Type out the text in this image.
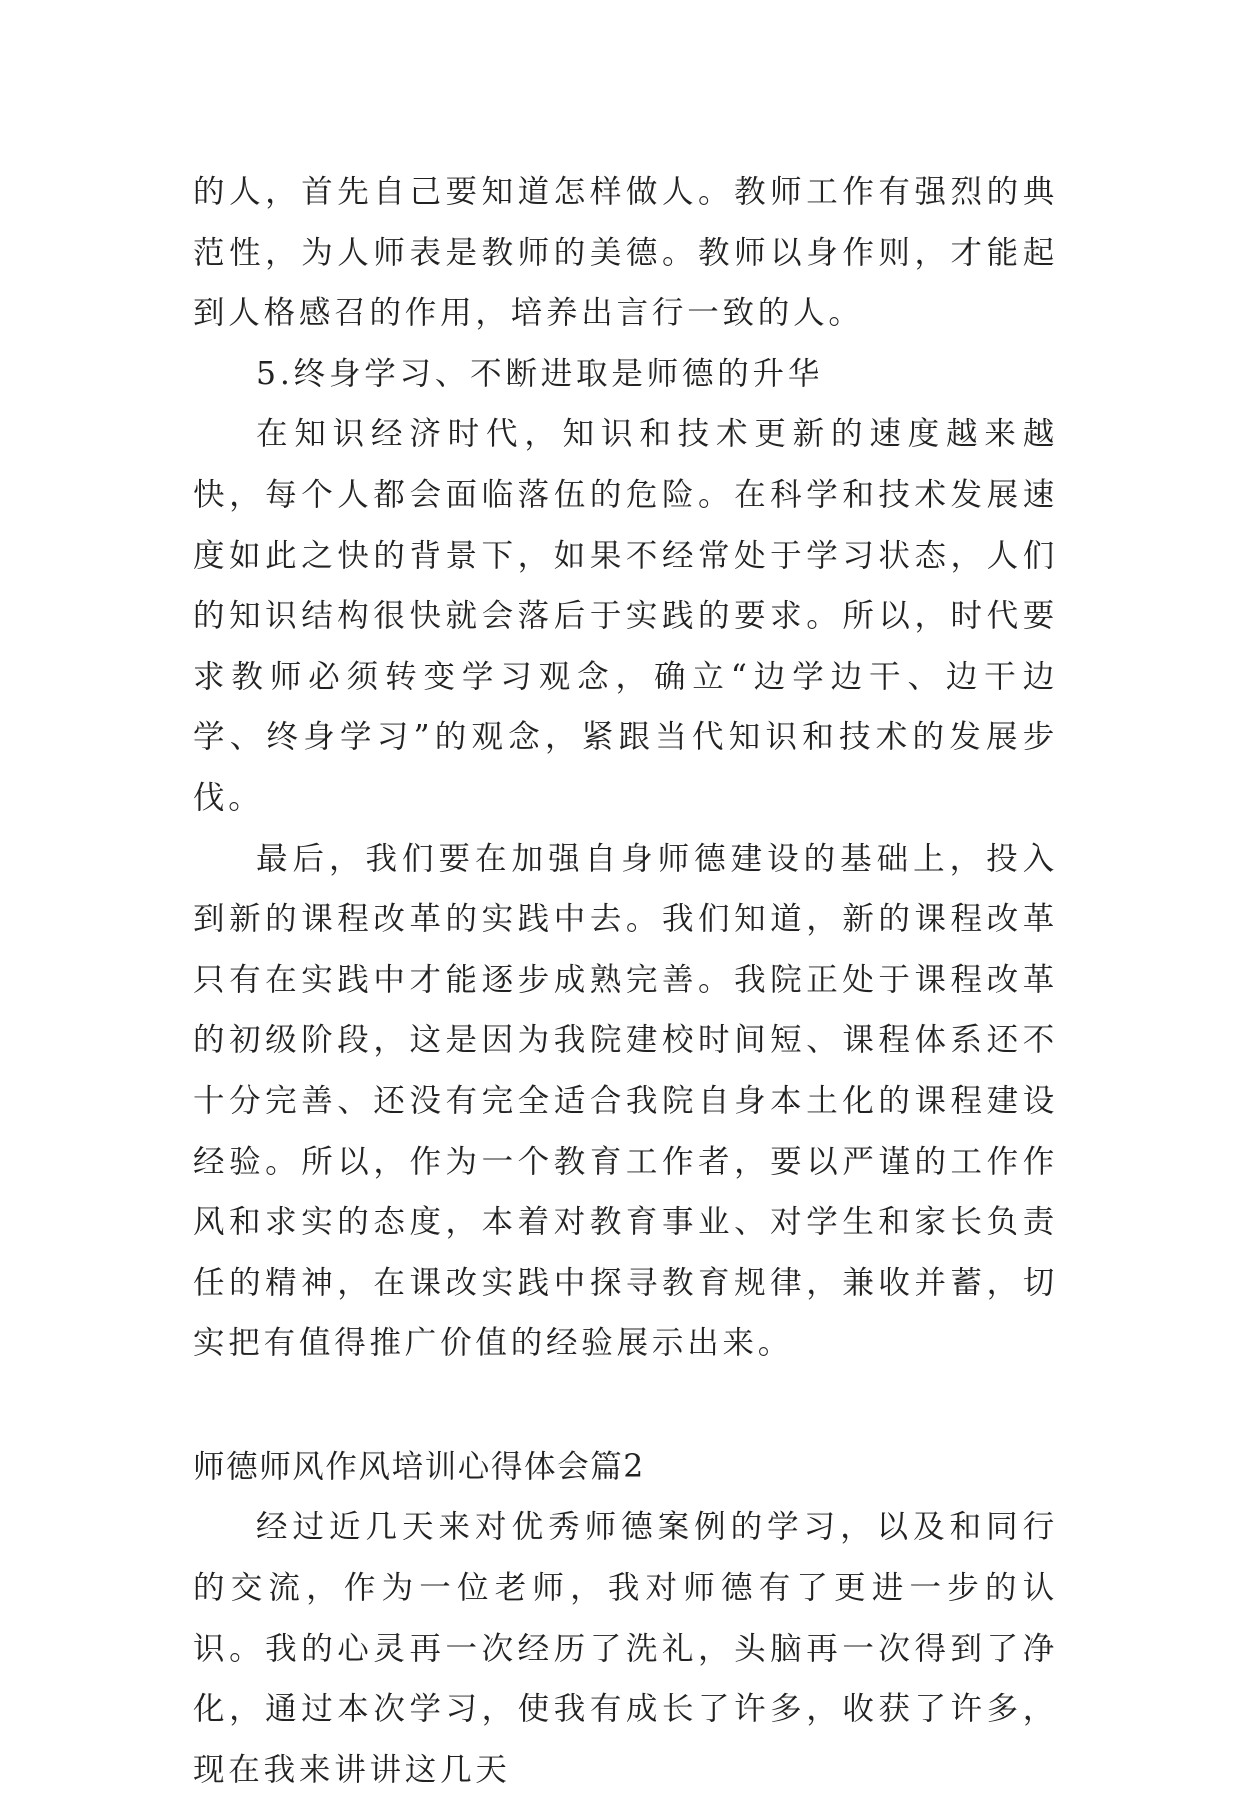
的人，首先自己要知道怎样做人。教师工作有强烈的典范性，为人师表是教师的美德。教师以身作则，才能起到人格感召的作用，培养出言行一致的人。

5.终身学习、不断进取是师德的升华

在知识经济时代，知识和技术更新的速度越来越快，每个人都会面临落伍的危险。在科学和技术发展速度如此之快的背景下，如果不经常处于学习状态，人们的知识结构很快就会落后于实践的要求。所以，时代要求教师必须转变学习观念，确立“边学边干、边干边学、终身学习”的观念，紧跟当代知识和技术的发展步伐。

最后，我们要在加强自身师德建设的基础上，投入到新的课程改革的实践中去。我们知道，新的课程改革只有在实践中才能逐步成熟完善。我院正处于课程改革的初级阶段，这是因为我院建校时间短、课程体系还不十分完善、还没有完全适合我院自身本土化的课程建设经验。所以，作为一个教育工作者，要以严谨的工作作风和求实的态度，本着对教育事业、对学生和家长负责任的精神，在课改实践中探寻教育规律，兼收并蓄，切实把有值得推广价值的经验展示出来。

师德师风作风培训心得体会篇2

经过近几天来对优秀师德案例的学习，以及和同行的交流，作为一位老师，我对师德有了更进一步的认识。我的心灵再一次经历了洗礼，头脑再一次得到了净化，通过本次学习，使我有成长了许多，收获了许多，现在我来讲讲这几天
